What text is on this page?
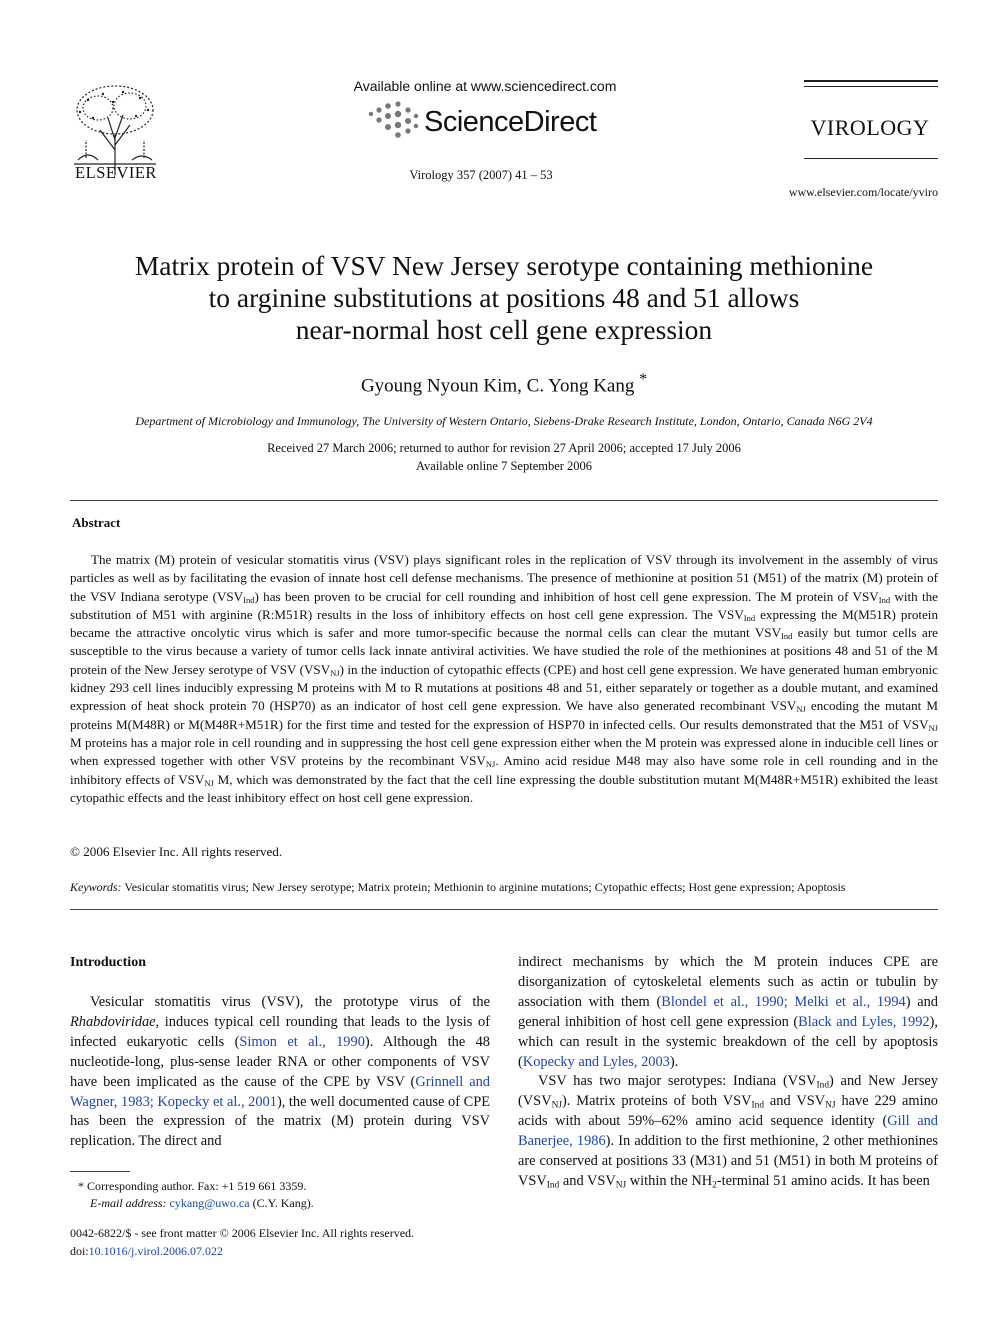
ELSEVIER
Available online at www.sciencedirect.com
ScienceDirect
Virology 357 (2007) 41 – 53
VIROLOGY
www.elsevier.com/locate/yviro
Matrix protein of VSV New Jersey serotype containing methionine
to arginine substitutions at positions 48 and 51 allows
near-normal host cell gene expression
Gyoung Nyoun Kim, C. Yong Kang *
Department of Microbiology and Immunology, The University of Western Ontario, Siebens-Drake Research Institute, London, Ontario, Canada N6G 2V4
Received 27 March 2006; returned to author for revision 27 April 2006; accepted 17 July 2006
Available online 7 September 2006
Abstract

The matrix (M) protein of vesicular stomatitis virus (VSV) plays significant roles in the replication of VSV through its involvement in the assembly of virus particles as well as by facilitating the evasion of innate host cell defense mechanisms. The presence of methionine at position 51 (M51) of the matrix (M) protein of the VSV Indiana serotype $(VSV_{Ind})$ has been proven to be crucial for cell rounding and inhibition of host cell gene expression. The M protein of $VSV_{Ind}$ with the substitution of M51 with arginine (R:M51R) results in the loss of inhibitory effects on host cell gene expression. The $VSV_{Ind}$ expressing the M(M51R) protein became the attractive oncolytic virus which is safer and more tumor-specific because the normal cells can clear the mutant $VSV_{Ind}$ easily but tumor cells are susceptible to the virus because a variety of tumor cells lack innate antiviral activities. We have studied the role of the methionines at positions 48 and 51 of the M protein of the New Jersey serotype of VSV $(VSV_{NJ})$ in the induction of cytopathic effects (CPE) and host cell gene expression. We have generated human embryonic kidney 293 cell lines inducibly expressing M proteins with M to R mutations at positions 48 and 51, either separately or together as a double mutant, and examined expression of heat shock protein 70 (HSP70) as an indicator of host cell gene expression. We have also generated recombinant $VSV_{NJ}$ encoding the mutant M proteins M(M48R) or M(M48R+M51R) for the first time and tested for the expression of HSP70 in infected cells. Our results demonstrated that the M51 of $VSV_{NJ}$ M proteins has a major role in cell rounding and in suppressing the host cell gene expression either when the M protein was expressed alone in inducible cell lines or when expressed together with other VSV proteins by the recombinant $VSV_{NJ}$. Amino acid residue M48 may also have some role in cell rounding and in the inhibitory effects of $VSV_{NJ}$ M, which was demonstrated by the fact that the cell line expressing the double substitution mutant M(M48R+M51R) exhibited the least cytopathic effects and the least inhibitory effect on host cell gene expression.

© 2006 Elsevier Inc. All rights reserved.
Keywords: Vesicular stomatitis virus; New Jersey serotype; Matrix protein; Methionin to arginine mutations; Cytopathic effects; Host gene expression; Apoptosis
Introduction

Vesicular stomatitis virus (VSV), the prototype virus of the Rhabdoviridae, induces typical cell rounding that leads to the lysis of infected eukaryotic cells (Simon et al., 1990). Although the 48 nucleotide-long, plus-sense leader RNA or other components of VSV have been implicated as the cause of the CPE by VSV (Grinnell and Wagner, 1983; Kopecky et al., 2001), the well documented cause of CPE has been the expression of the matrix (M) protein during VSV replication. The direct and

indirect mechanisms by which the M protein induces CPE are disorganization of cytoskeletal elements such as actin or tubulin by association with them (Blondel et al., 1990; Melki et al., 1994) and general inhibition of host cell gene expression (Black and Lyles, 1992), which can result in the systemic breakdown of the cell by apoptosis (Kopecky and Lyles, 2003).

VSV has two major serotypes: Indiana $(VSV_{Ind})$ and New Jersey $(VSV_{NJ})$. Matrix proteins of both $VSV_{Ind}$ and $VSV_{NJ}$ have 229 amino acids with about 59%–62% amino acid sequence identity (Gill and Banerjee, 1986). In addition to the first methionine, 2 other methionines are conserved at positions 33 (M31) and 51 (M51) in both M proteins of $VSV_{Ind}$ and $VSV_{NJ}$ within the $NH_2$-terminal 51 amino acids. It has been

* Corresponding author. Fax: +1 519 661 3359.
E-mail address: cykang@uwo.ca (C.Y. Kang).
0042-6822/$ - see front matter © 2006 Elsevier Inc. All rights reserved.
doi:10.1016/j.virol.2006.07.022
